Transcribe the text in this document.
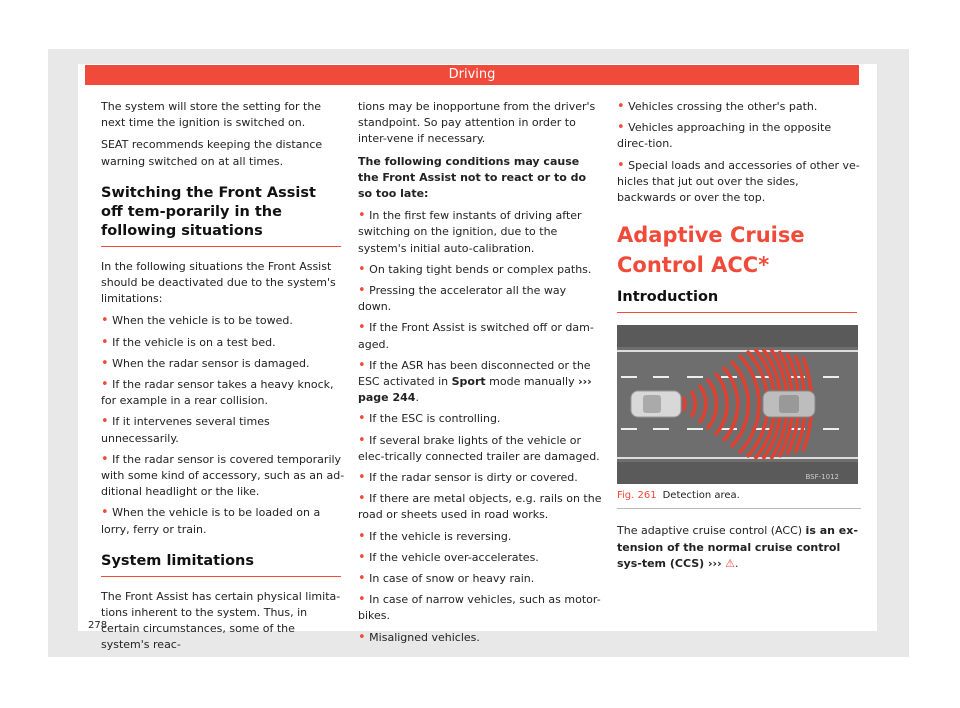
Driving

The system will store the setting for the next time the ignition is switched on.

SEAT recommends keeping the distance warning switched on at all times.

Switching the Front Assist off tem-porarily in the following situations

In the following situations the Front Assist should be deactivated due to the system's limitations:

• When the vehicle is to be towed.
• If the vehicle is on a test bed.
• When the radar sensor is damaged.
• If the radar sensor takes a heavy knock, for example in a rear collision.
• If it intervenes several times unnecessarily.
• If the radar sensor is covered temporarily with some kind of accessory, such as an ad-ditional headlight or the like.
• When the vehicle is to be loaded on a lorry, ferry or train.
System limitations

The Front Assist has certain physical limita-tions inherent to the system. Thus, in certain circumstances, some of the system's reac-

tions may be inopportune from the driver's standpoint. So pay attention in order to inter-vene if necessary.

The following conditions may cause the Front Assist not to react or to do so too late:

• In the first few instants of driving after switching on the ignition, due to the system's initial auto-calibration.
• On taking tight bends or complex paths.
• Pressing the accelerator all the way down.
• If the Front Assist is switched off or dam-aged.
• If the ASR has been disconnected or the ESC activated in Sport mode manually ››› page 244.
• If the ESC is controlling.
• If several brake lights of the vehicle or elec-trically connected trailer are damaged.
• If the radar sensor is dirty or covered.
• If there are metal objects, e.g. rails on the road or sheets used in road works.
• If the vehicle is reversing.
• If the vehicle over-accelerates.
• In case of snow or heavy rain.
• In case of narrow vehicles, such as motor-bikes.
• Misaligned vehicles.
• Vehicles crossing the other's path.
• Vehicles approaching in the opposite direc-tion.
• Special loads and accessories of other ve-hicles that jut out over the sides, backwards or over the top.
Adaptive Cruise Control ACC*
Introduction
BSF-1012
Fig. 261 Detection area.

The adaptive cruise control (ACC) is an ex-tension of the normal cruise control sys-tem (CCS) ››› ⚠.

278
